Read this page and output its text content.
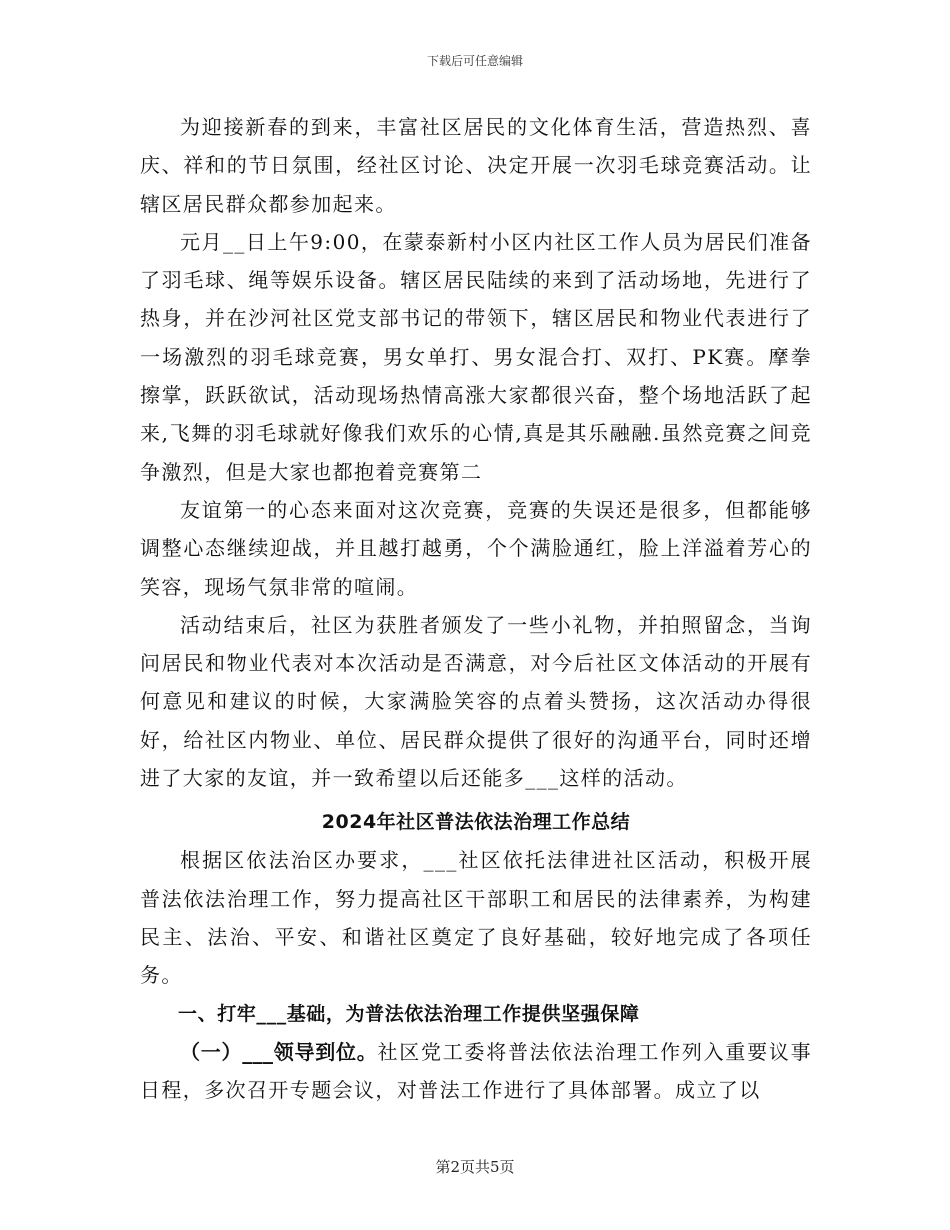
下载后可任意编辑

为迎接新春的到来，丰富社区居民的文化体育生活，营造热烈、喜庆、祥和的节日氛围，经社区讨论、决定开展一次羽毛球竞赛活动。让辖区居民群众都参加起来。

元月__日上午9:00，在蒙泰新村小区内社区工作人员为居民们准备了羽毛球、绳等娱乐设备。辖区居民陆续的来到了活动场地，先进行了热身，并在沙河社区党支部书记的带领下，辖区居民和物业代表进行了一场激烈的羽毛球竞赛，男女单打、男女混合打、双打、PK赛。摩拳擦掌，跃跃欲试，活动现场热情高涨大家都很兴奋，整个场地活跃了起来,飞舞的羽毛球就好像我们欢乐的心情,真是其乐融融.虽然竞赛之间竞争激烈，但是大家也都抱着竞赛第二

友谊第一的心态来面对这次竞赛，竞赛的失误还是很多，但都能够调整心态继续迎战，并且越打越勇，个个满脸通红，脸上洋溢着芳心的笑容，现场气氛非常的喧闹。

活动结束后，社区为获胜者颁发了一些小礼物，并拍照留念，当询问居民和物业代表对本次活动是否满意，对今后社区文体活动的开展有何意见和建议的时候，大家满脸笑容的点着头赞扬，这次活动办得很好，给社区内物业、单位、居民群众提供了很好的沟通平台，同时还增进了大家的友谊，并一致希望以后还能多___这样的活动。

2024年社区普法依法治理工作总结

根据区依法治区办要求，___社区依托法律进社区活动，积极开展普法依法治理工作，努力提高社区干部职工和居民的法律素养，为构建民主、法治、平安、和谐社区奠定了良好基础，较好地完成了各项任务。

一、打牢___基础，为普法依法治理工作提供坚强保障

（一）___领导到位。社区党工委将普法依法治理工作列入重要议事日程，多次召开专题会议，对普法工作进行了具体部署。成立了以

第2页共5页
